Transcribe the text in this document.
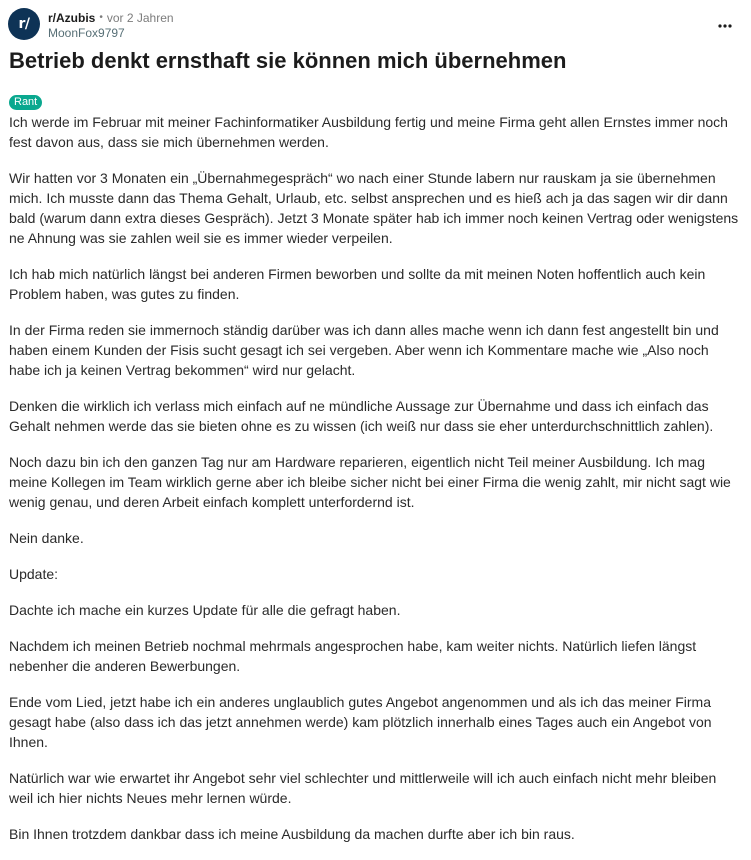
r/	r/Azubis • vor 2 Jahren
MoonFox9797
Betrieb denkt ernsthaft sie können mich übernehmen
Rant

Ich werde im Februar mit meiner Fachinformatiker Ausbildung fertig und meine Firma geht allen Ernstes immer noch fest davon aus, dass sie mich übernehmen werden.

Wir hatten vor 3 Monaten ein „Übernahmegespräch“ wo nach einer Stunde labern nur rauskam ja sie übernehmen mich. Ich musste dann das Thema Gehalt, Urlaub, etc. selbst ansprechen und es hieß ach ja das sagen wir dir dann bald (warum dann extra dieses Gespräch). Jetzt 3 Monate später hab ich immer noch keinen Vertrag oder wenigstens ne Ahnung was sie zahlen weil sie es immer wieder verpeilen.

Ich hab mich natürlich längst bei anderen Firmen beworben und sollte da mit meinen Noten hoffentlich auch kein Problem haben, was gutes zu finden.

In der Firma reden sie immernoch ständig darüber was ich dann alles mache wenn ich dann fest angestellt bin und haben einem Kunden der Fisis sucht gesagt ich sei vergeben. Aber wenn ich Kommentare mache wie „Also noch habe ich ja keinen Vertrag bekommen“ wird nur gelacht.

Denken die wirklich ich verlass mich einfach auf ne mündliche Aussage zur Übernahme und dass ich einfach das Gehalt nehmen werde das sie bieten ohne es zu wissen (ich weiß nur dass sie eher unterdurchschnittlich zahlen).

Noch dazu bin ich den ganzen Tag nur am Hardware reparieren, eigentlich nicht Teil meiner Ausbildung. Ich mag meine Kollegen im Team wirklich gerne aber ich bleibe sicher nicht bei einer Firma die wenig zahlt, mir nicht sagt wie wenig genau, und deren Arbeit einfach komplett unterfordernd ist.

Nein danke.

Update:

Dachte ich mache ein kurzes Update für alle die gefragt haben.

Nachdem ich meinen Betrieb nochmal mehrmals angesprochen habe, kam weiter nichts. Natürlich liefen längst nebenher die anderen Bewerbungen.

Ende vom Lied, jetzt habe ich ein anderes unglaublich gutes Angebot angenommen und als ich das meiner Firma gesagt habe (also dass ich das jetzt annehmen werde) kam plötzlich innerhalb eines Tages auch ein Angebot von Ihnen.

Natürlich war wie erwartet ihr Angebot sehr viel schlechter und mittlerweile will ich auch einfach nicht mehr bleiben weil ich hier nichts Neues mehr lernen würde.

Bin Ihnen trotzdem dankbar dass ich meine Ausbildung da machen durfte aber ich bin raus.
